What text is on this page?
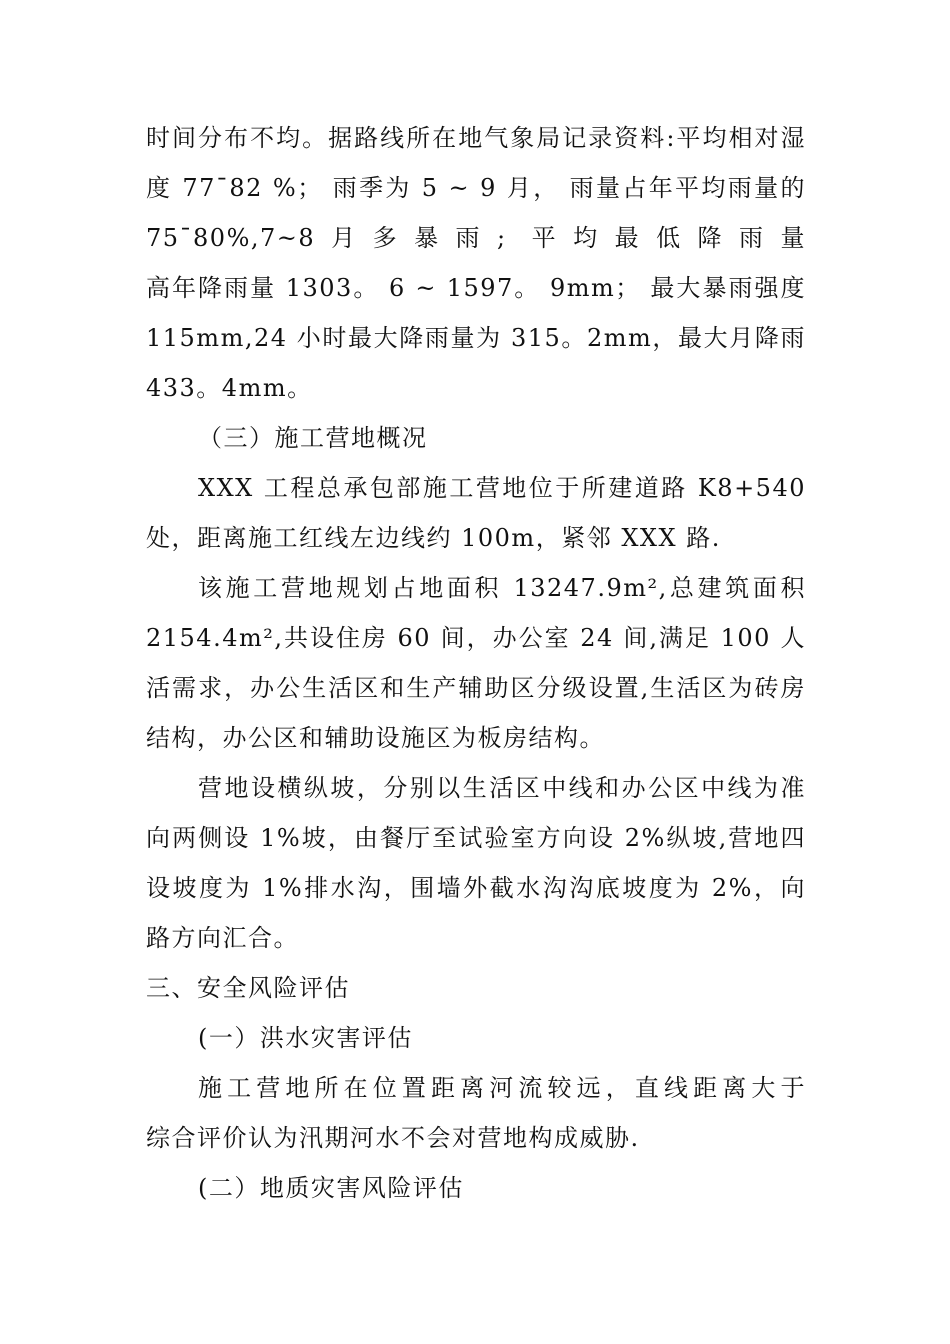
时间分布不均。据路线所在地气象局记录资料:平均相对湿
度 77¯82 %； 雨季为 5 ~ 9 月， 雨量占年平均雨量的
75¯80%,7~8月多暴雨; 平均最低降雨量
高年降雨量 1303。 6 ~ 1597。 9mm； 最大暴雨强度
115mm,24 小时最大降雨量为 315。2mm，最大月降雨
433。4mm。
（三）施工营地概况
XXX 工程总承包部施工营地位于所建道路 K8+540
处，距离施工红线左边线约 100m，紧邻 XXX 路.
该施工营地规划占地面积 13247.9m²,总建筑面积
2154.4m²,共设住房 60 间，办公室 24 间,满足 100 人
活需求，办公生活区和生产辅助区分级设置,生活区为砖房
结构，办公区和辅助设施区为板房结构。
营地设横纵坡，分别以生活区中线和办公区中线为准
向两侧设 1%坡，由餐厅至试验室方向设 2%纵坡,营地四
设坡度为 1%排水沟，围墙外截水沟沟底坡度为 2%，向
路方向汇合。
三、安全风险评估
(一）洪水灾害评估
施工营地所在位置距离河流较远，直线距离大于
综合评价认为汛期河水不会对营地构成威胁.
(二）地质灾害风险评估
